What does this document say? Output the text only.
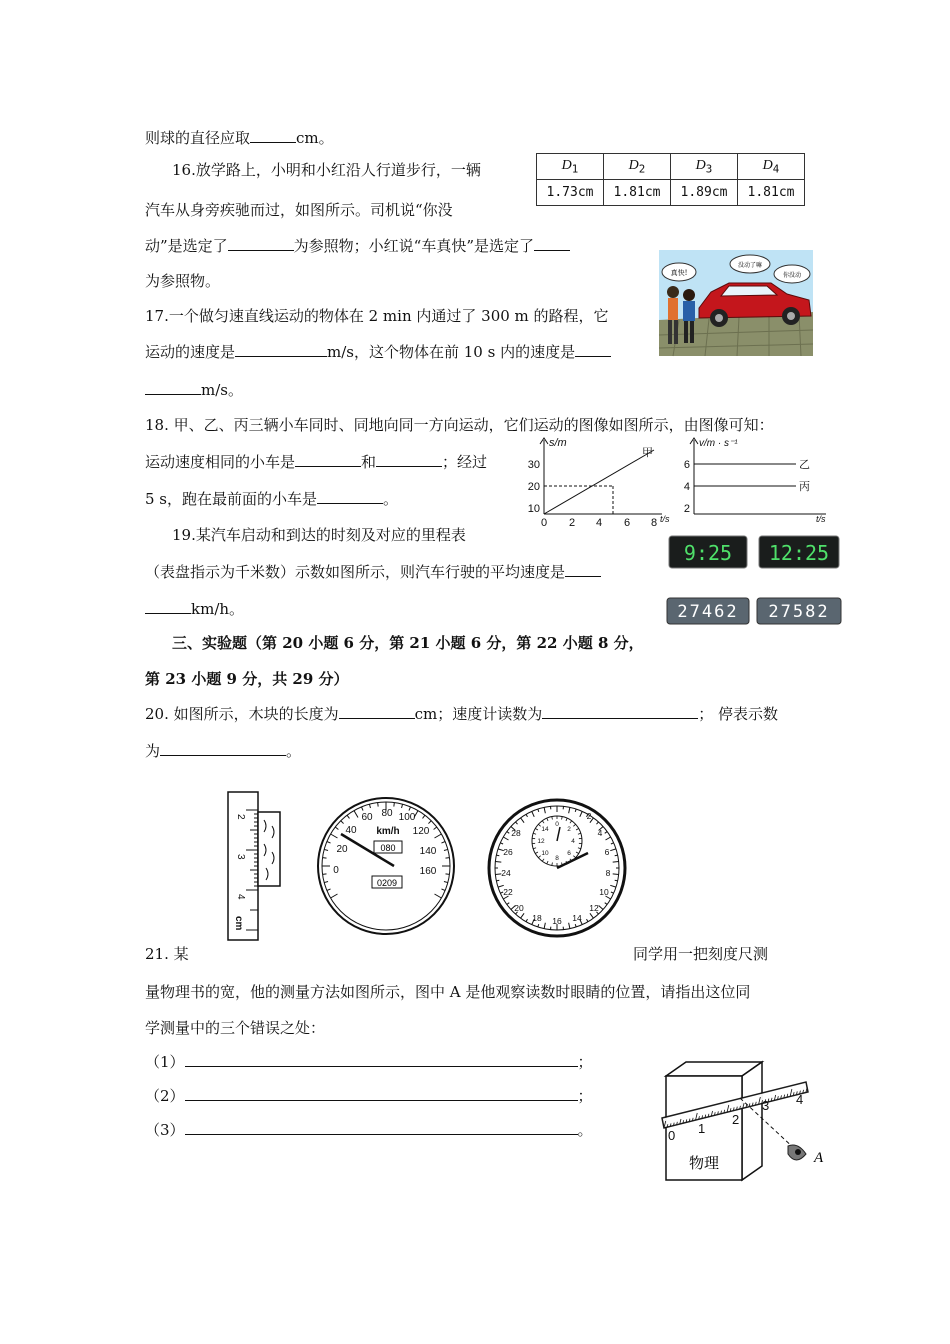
则球的直径应取	cm。
$D_1$	$D_2$	$D_3$	$D_4$
1.73cm	1.81cm	1.89cm	1.81cm
16.放学路上，小明和小红沿人行道步行，一辆
汽车从身旁疾驰而过，如图所示。司机说“你没
动”是选定了	为参照物；小红说“车真快”是选定了
为参照物。	真快!
没动了嘛
你没动
17.一个做匀速直线运动的物体在 2 min 内通过了 300 m 的路程，它
运动的速度是	m/s，这个物体在前 10 s 内的速度是
m/s。
18. 甲、乙、丙三辆小车同时、同地向同一方向运动，它们运动的图像如图所示，由图像可知：
运动速度相同的小车是	和	；经过
5 s，跑在最前面的小车是	。
s/m
甲
30
20
10
0 2 4 6 8 t/s
v/m · s⁻¹
乙
丙
6
4
2
t/s
19.某汽车启动和到达的时刻及对应的里程表
（表盘指示为千米数）示数如图所示，则汽车行驶的平均速度是
km/h。
9:25 12:25
27462 27582
三、实验题（第 20 小题 6 分，第 21 小题 6 分，第 22 小题 8 分，
第 23 小题 9 分，共 29 分）
20. 如图所示，木块的长度为	cm；速度计读数为	； 停表示数
为	。
2
3
4
cm
0
20
40
60 80 100
120
140
160
km/h
080
0209
2
4
6
8
10
12
14
16
18
20
22
24
26
28
0
2
4
6
8
10
12
14
21. 某	同学用一把刻度尺测
量物理书的宽，他的测量方法如图所示，图中 A 是他观察读数时眼睛的位置，请指出这位同
学测量中的三个错误之处：
（1）	；
（2）	；
（3）	。
物理
0 1
2
3 4
A
